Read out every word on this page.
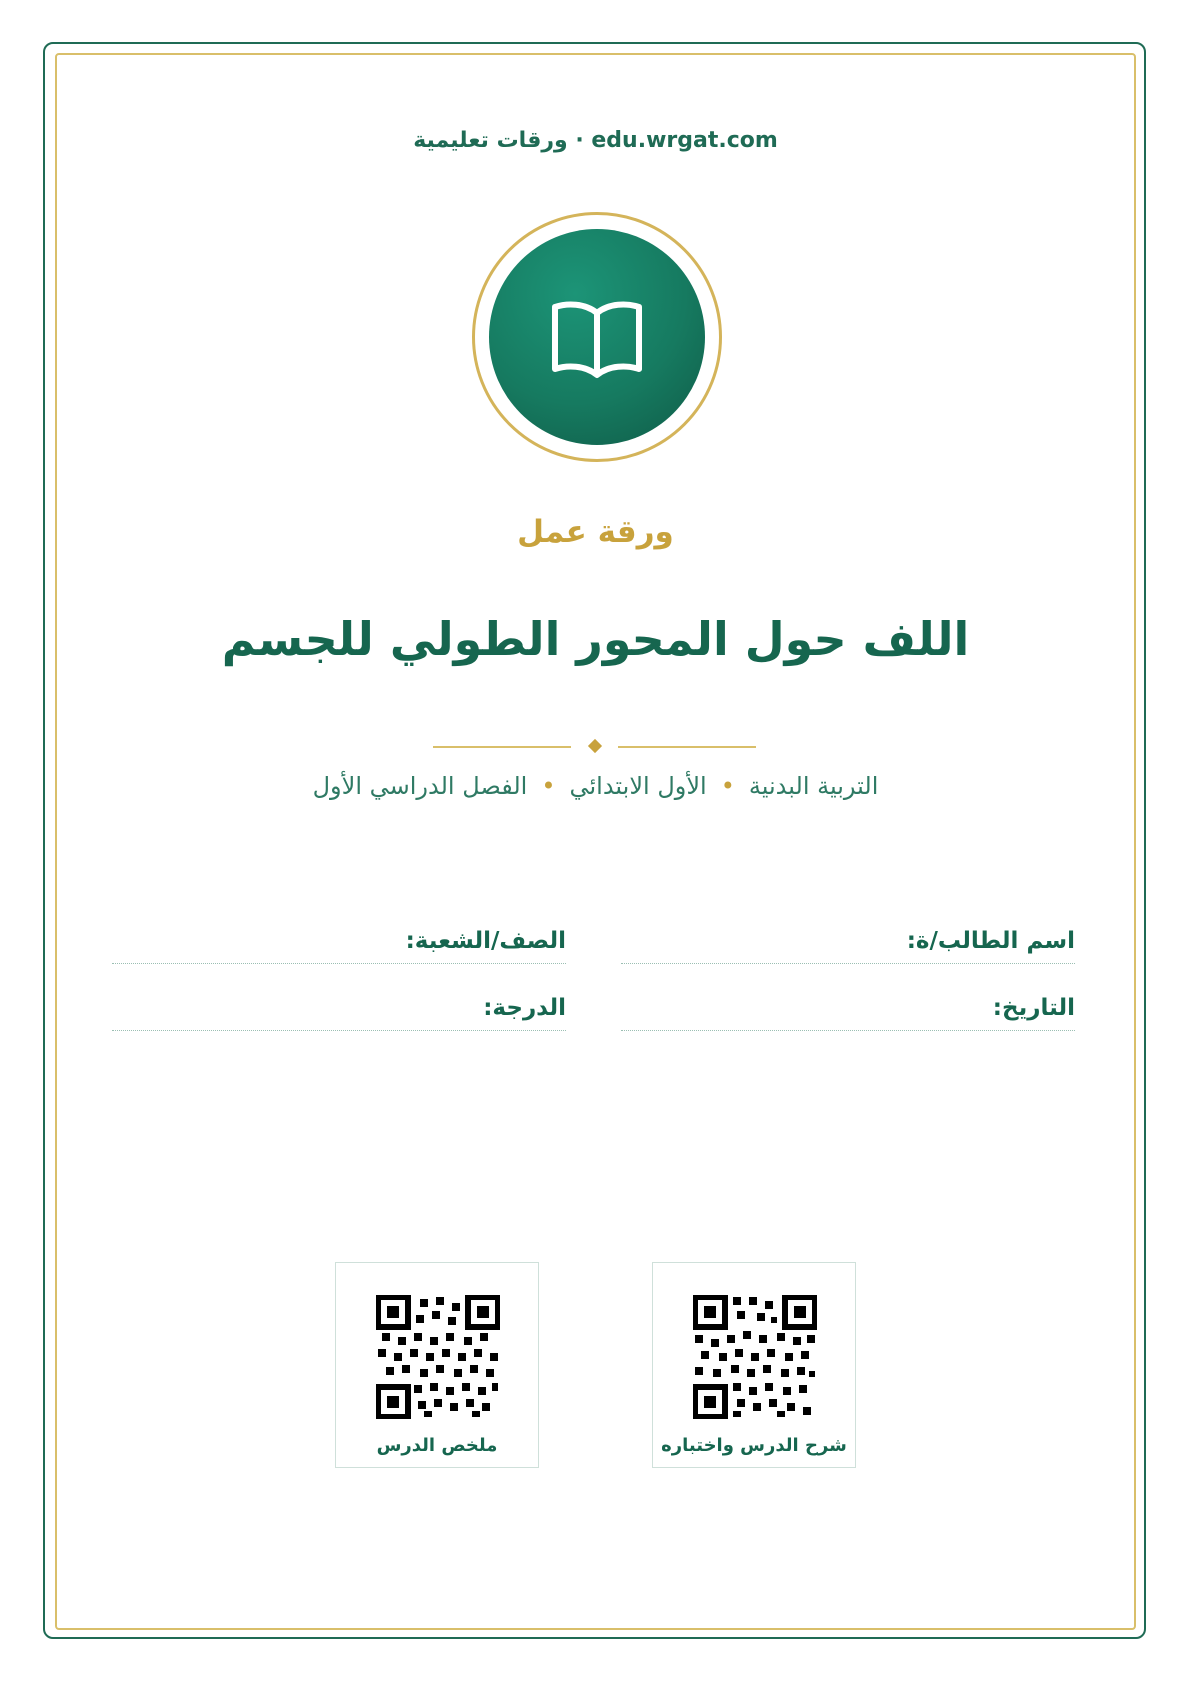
edu.wrgat.com · ورقات تعليمية
ورقة عمل
اللف حول المحور الطولي للجسم
التربية البدنية•الأول الابتدائي•الفصل الدراسي الأول
اسم الطالب/ة:
الصف/الشعبة:
التاريخ:
الدرجة:
شرح الدرس واختباره
ملخص الدرس
